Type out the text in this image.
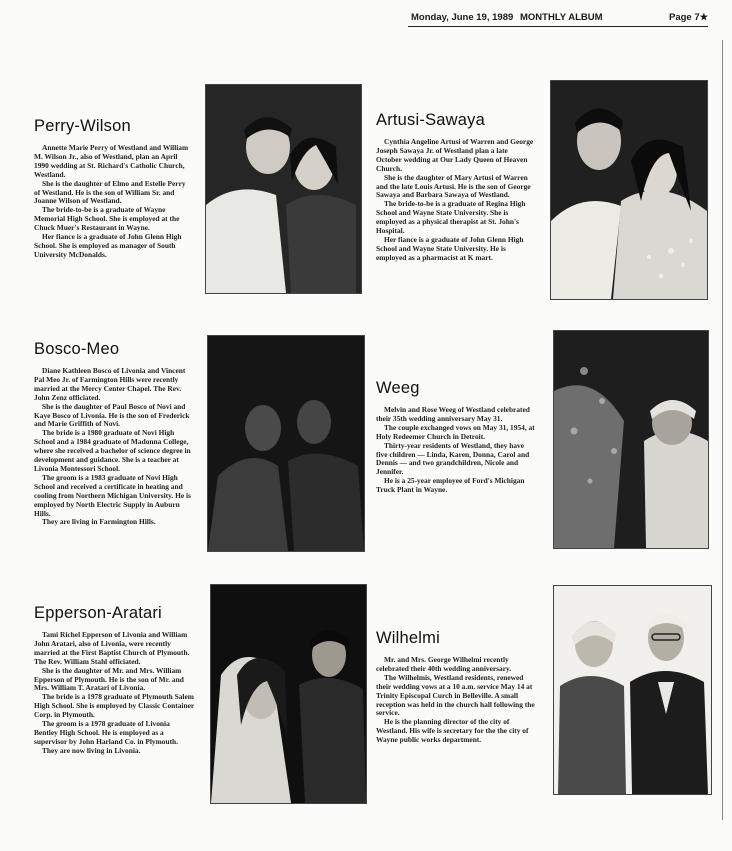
Monday, June 19, 1989 MONTHLY ALBUM	Page 7★
Perry-Wilson

Annette Marie Perry of Westland and William M. Wilson Jr., also of Westland, plan an April 1990 wedding at St. Richard's Catholic Church, Westland.

She is the daughter of Elmo and Estelle Perry of Westland. He is the son of William Sr. and Joanne Wilson of Westland.

The bride-to-be is a graduate of Wayne Memorial High School. She is employed at the Chuck Muer's Restaurant in Wayne.

Her fiance is a graduate of John Glenn High School. She is employed as manager of South University McDonalds.

Artusi-Sawaya

Cynthia Angeline Artusi of Warren and George Joseph Sawaya Jr. of Westland plan a late October wedding at Our Lady Queen of Heaven Church.

She is the daughter of Mary Artusi of Warren and the late Louis Artusi. He is the son of George Sawaya and Barbara Sawaya of Westland.

The bride-to-be is a graduate of Regina High School and Wayne State University. She is employed as a physical therapist at St. John's Hospital.

Her fiance is a graduate of John Glenn High School and Wayne State University. He is employed as a pharmacist at K mart.

Bosco-Meo

Diane Kathleen Bosco of Livonia and Vincent Pal Meo Jr. of Farmington Hills were recently married at the Mercy Center Chapel. The Rev. John Zenz officiated.

She is the daughter of Paul Bosco of Novi and Kaye Bosco of Livonia. He is the son of Frederick and Marie Griffith of Novi.

The bride is a 1980 graduate of Novi High School and a 1984 graduate of Madonna College, where she received a bachelor of science degree in development and guidance. She is a teacher at Livonia Montessori School.

The groom is a 1983 graduate of Novi High School and received a certificate in heating and cooling from Northern Michigan University. He is employed by North Electric Supply in Auburn Hills.

They are living in Farmington Hills.

Weeg

Melvin and Rose Weeg of Westland celebrated their 35th wedding anniversary May 31.

The couple exchanged vows on May 31, 1954, at Holy Redeemer Church in Detroit.

Thirty-year residents of Westland, they have five children — Linda, Karen, Donna, Carol and Dennis — and two grandchildren, Nicole and Jennifer.

He is a 25-year employee of Ford's Michigan Truck Plant in Wayne.

Epperson-Aratari

Tami Richel Epperson of Livonia and William John Aratari, also of Livonia, were recently married at the First Baptist Church of Plymouth. The Rev. William Stahl officiated.

She is the daughter of Mr. and Mrs. William Epperson of Plymouth. He is the son of Mr. and Mrs. William T. Aratari of Livonia.

The bride is a 1978 graduate of Plymouth Salem High School. She is employed by Classic Container Corp. in Plymouth.

The groom is a 1978 graduate of Livonia Bentley High School. He is employed as a supervisor by John Harland Co. in Plymouth.

They are now living in Livonia.

Wilhelmi

Mr. and Mrs. George Wilhelmi recently celebrated their 40th wedding anniversary.

The Wilhelmis, Westland residents, renewed their wedding vows at a 10 a.m. service May 14 at Trinity Episcopal Curch in Belleville. A small reception was held in the church hall following the service.

He is the planning director of the city of Westland. His wife is secretary for the the city of Wayne public works department.
